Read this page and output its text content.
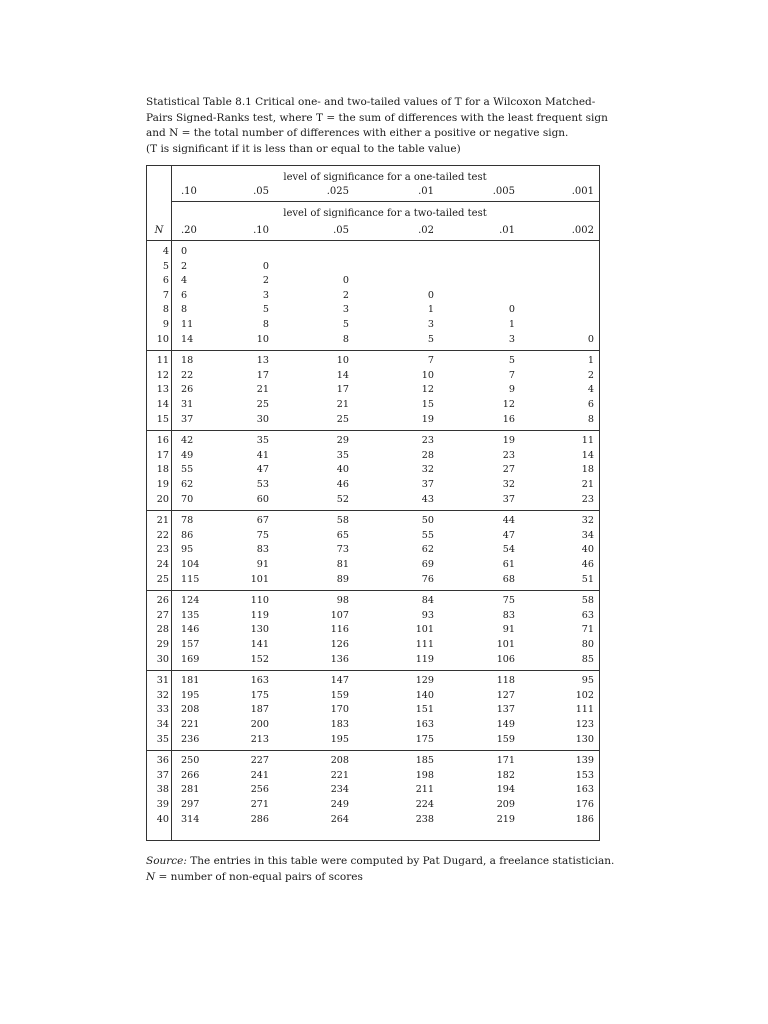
Statistical Table 8.1 Critical one- and two-tailed values of T for a Wilcoxon Matched-
Pairs Signed-Ranks test, where T = the sum of differences with the least frequent sign
and N = the total number of differences with either a positive or negative sign.
(T is significant if it is less than or equal to the table value)
level of significance for a one-tailed test
level of significance for a two-tailed test
N
.10	.05	.025	.01	.005	.001
.20	.10	.05	.02	.01	.002
4 0
5 2	0
6 4	2	0
7 6	3	2	0
8 8	5	3	1	0
9 11	8	5	3	1
10 14	10	8	5	3	0
11 18	13	10	7	5	1
12 22	17	14	10	7	2
13 26	21	17	12	9	4
14 31	25	21	15	12	6
15 37	30	25	19	16	8
16 42	35	29	23	19	11
17 49	41	35	28	23	14
18 55	47	40	32	27	18
19 62	53	46	37	32	21
20 70	60	52	43	37	23
21 78	67	58	50	44	32
22 86	75	65	55	47	34
23 95	83	73	62	54	40
24 104	91	81	69	61	46
25 115	101	89	76	68	51
26 124	110	98	84	75	58
27 135	119	107	93	83	63
28 146	130	116	101	91	71
29 157	141	126	111	101	80
30 169	152	136	119	106	85
31 181	163	147	129	118	95
32 195	175	159	140	127	102
33 208	187	170	151	137	111
34 221	200	183	163	149	123
35 236	213	195	175	159	130
36 250	227	208	185	171	139
37 266	241	221	198	182	153
38 281	256	234	211	194	163
39 297	271	249	224	209	176
40 314	286	264	238	219	186
Source: The entries in this table were computed by Pat Dugard, a freelance statistician.
N = number of non-equal pairs of scores
